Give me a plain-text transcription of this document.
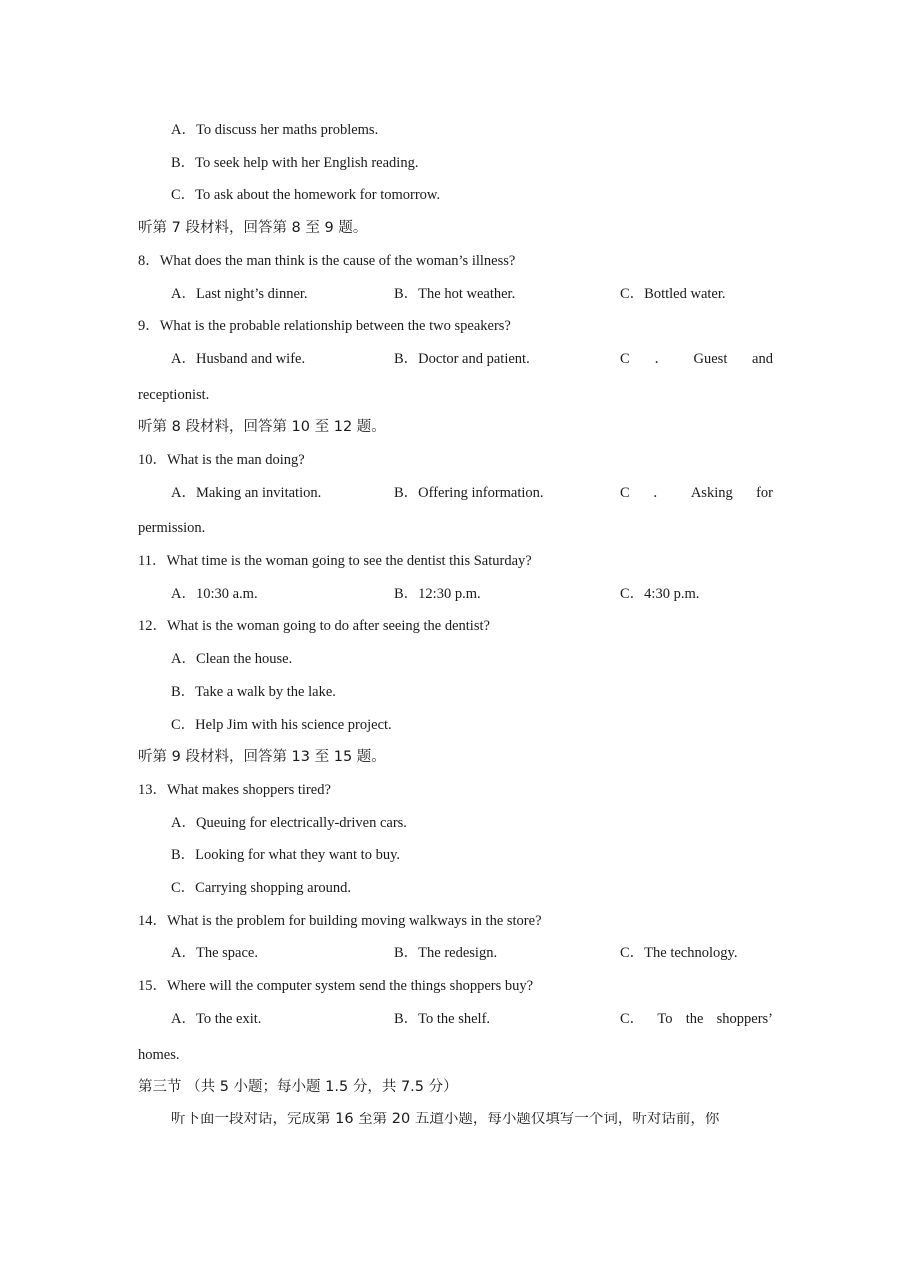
A．To discuss her maths problems.
B．To seek help with her English reading.
C．To ask about the homework for tomorrow.
听第 7 段材料，回答第 8 至 9 题。
8．What does the man think is the cause of the woman’s illness?
A．Last night’s dinner.	B．The hot weather.	C．Bottled water.
9．What is the probable relationship between the two speakers?
A．Husband and wife.	B．Doctor and patient.	C ． Guest and
receptionist.
听第 8 段材料，回答第 10 至 12 题。
10．What is the man doing?
A．Making an invitation.	B．Offering information.	C ． Asking for
permission.
11．What time is the woman going to see the dentist this Saturday?
A．10:30 a.m.	B．12:30 p.m.	C．4:30 p.m.
12．What is the woman going to do after seeing the dentist?
A．Clean the house.
B．Take a walk by the lake.
C．Help Jim with his science project.
听第 9 段材料，回答第 13 至 15 题。
13．What makes shoppers tired?
A．Queuing for electrically-driven cars.
B．Looking for what they want to buy.
C．Carrying shopping around.
14．What is the problem for building moving walkways in the store?
A．The space.	B．The redesign.	C．The technology.
15．Where will the computer system send the things shoppers buy?
A．To the exit.	B．To the shelf.	C． To the shoppers’
homes.
第三节 （共 5 小题；每小题 1.5 分，共 7.5 分）
听下面一段对话，完成第 16 至第 20 五道小题，每小题仅填写一个词，听对话前，你
